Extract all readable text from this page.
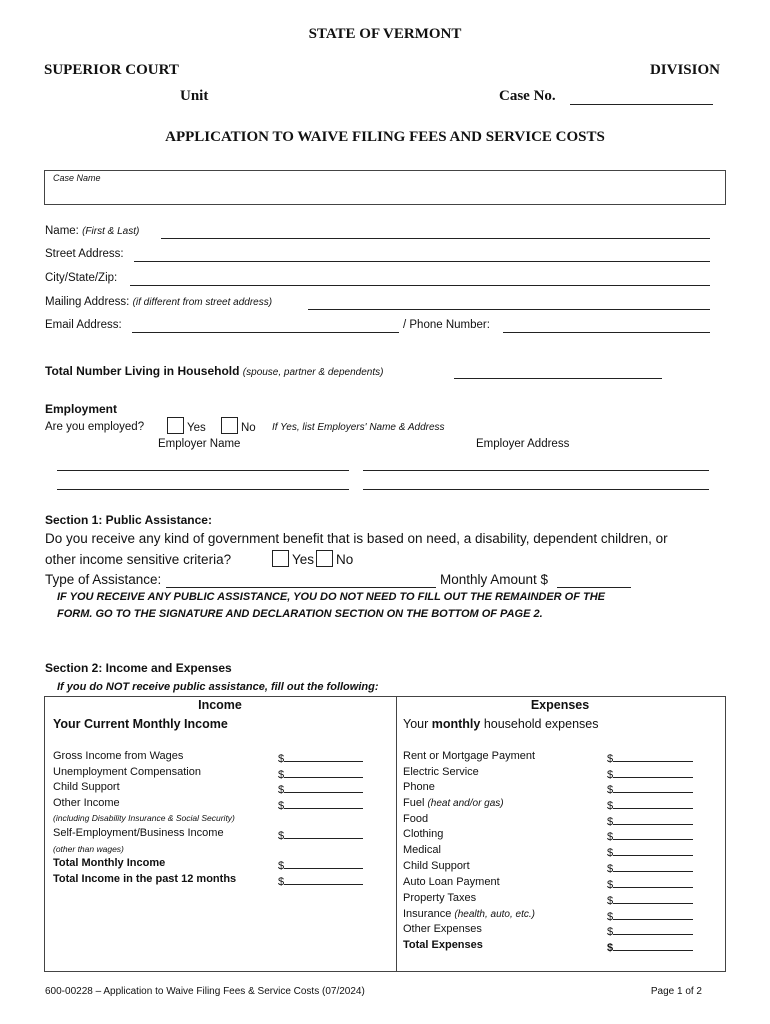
STATE OF VERMONT
SUPERIOR COURT	DIVISION
Unit	Case No.
APPLICATION TO WAIVE FILING FEES AND SERVICE COSTS
Case Name
Name: (First & Last)
Street Address:
City/State/Zip:
Mailing Address: (if different from street address)
Email Address:	/ Phone Number:
Total Number Living in Household (spouse, partner & dependents)
Employment
Are you employed?	Yes	No If Yes, list Employers' Name & Address
Employer Name	Employer Address
Section 1: Public Assistance:
Do you receive any kind of government benefit that is based on need, a disability, dependent children, or
other income sensitive criteria?	Yes	No
Type of Assistance:	Monthly Amount $
IF YOU RECEIVE ANY PUBLIC ASSISTANCE, YOU DO NOT NEED TO FILL OUT THE REMAINDER OF THE
FORM. GO TO THE SIGNATURE AND DECLARATION SECTION ON THE BOTTOM OF PAGE 2.
Section 2: Income and Expenses
If you do NOT receive public assistance, fill out the following:
Income
Your Current Monthly Income
Expenses
Your monthly household expenses
Gross Income from Wages	$
Unemployment Compensation	$
Child Support	$
Other Income	$
(including Disability Insurance & Social Security)
Self-Employment/Business Income	$
(other than wages)
Total Monthly Income	$
Total Income in the past 12 months	$
Rent or Mortgage Payment	$
Electric Service	$
Phone	$
Fuel (heat and/or gas)	$
Food	$
Clothing	$
Medical	$
Child Support	$
Auto Loan Payment	$
Property Taxes	$
Insurance (health, auto, etc.)	$
Other Expenses	$
Total Expenses	$
600-00228 – Application to Waive Filing Fees & Service Costs (07/2024)	Page 1 of 2
